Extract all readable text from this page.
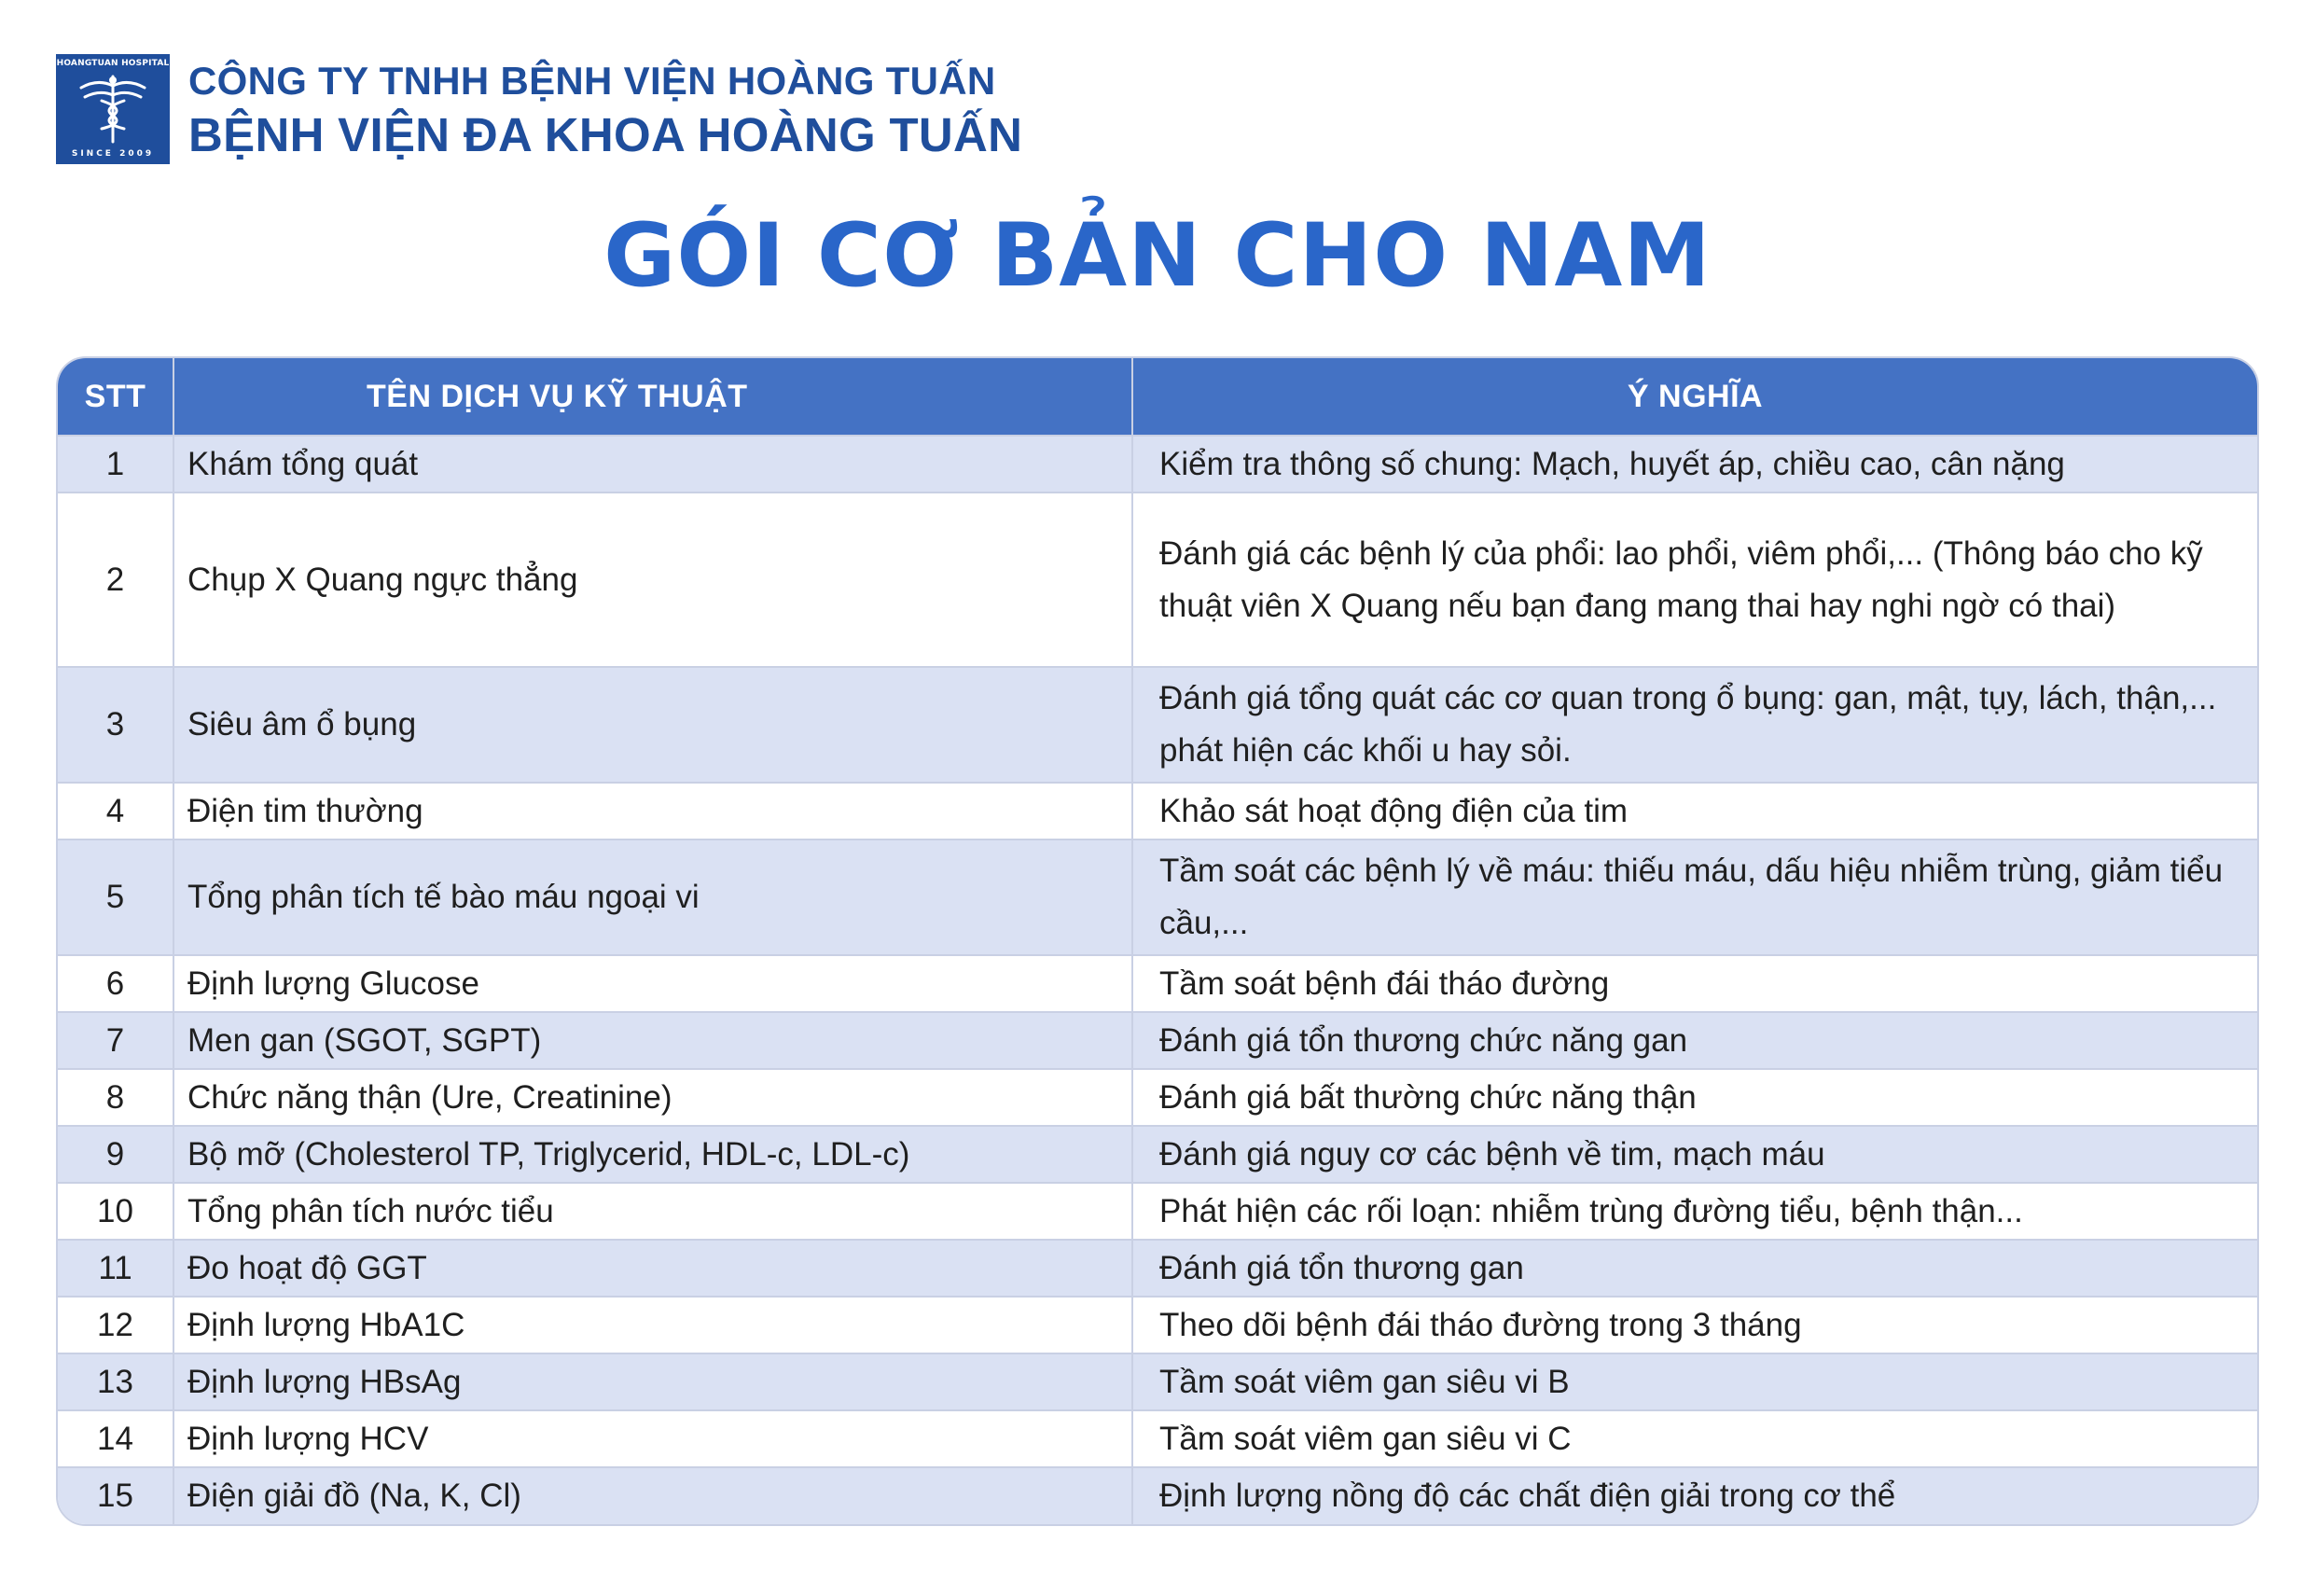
HOANGTUAN HOSPITAL
SINCE 2009
CÔNG TY TNHH BỆNH VIỆN HOÀNG TUẤN
BỆNH VIỆN ĐA KHOA HOÀNG TUẤN
GÓI CƠ BẢN CHO NAM
STT	TÊN DỊCH VỤ KỸ THUẬT	Ý NGHĨA
1	Khám tổng quát	Kiểm tra thông số chung: Mạch, huyết áp, chiều cao, cân nặng
2	Chụp X Quang ngực thẳng	Đánh giá các bệnh lý của phổi: lao phổi, viêm phổi,... (Thông báo cho kỹ thuật viên X Quang nếu bạn đang mang thai hay nghi ngờ có thai)
3	Siêu âm ổ bụng	Đánh giá tổng quát các cơ quan trong ổ bụng: gan, mật, tụy, lách, thận,... phát hiện các khối u hay sỏi.
4	Điện tim thường	Khảo sát hoạt động điện của tim
5	Tổng phân tích tế bào máu ngoại vi	Tầm soát các bệnh lý về máu: thiếu máu, dấu hiệu nhiễm trùng, giảm tiểu cầu,...
6	Định lượng Glucose	Tầm soát bệnh đái tháo đường
7	Men gan (SGOT, SGPT)	Đánh giá tổn thương chức năng gan
8	Chức năng thận (Ure, Creatinine)	Đánh giá bất thường chức năng thận
9	Bộ mỡ (Cholesterol TP, Triglycerid, HDL-c, LDL-c)	Đánh giá nguy cơ các bệnh về tim, mạch máu
10	Tổng phân tích nước tiểu	Phát hiện các rối loạn: nhiễm trùng đường tiểu, bệnh thận...
11	Đo hoạt độ GGT	Đánh giá tổn thương gan
12	Định lượng HbA1C	Theo dõi bệnh đái tháo đường trong 3 tháng
13	Định lượng HBsAg	Tầm soát viêm gan siêu vi B
14	Định lượng HCV	Tầm soát viêm gan siêu vi C
15	Điện giải đồ (Na, K, Cl)	Định lượng nồng độ các chất điện giải trong cơ thể
